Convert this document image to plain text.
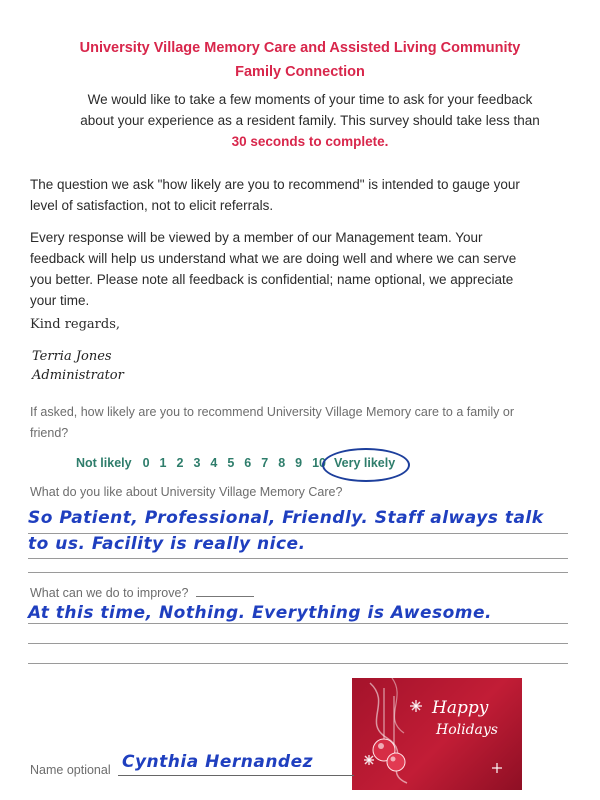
University Village Memory Care and Assisted Living Community
Family Connection
We would like to take a few moments of your time to ask for your feedback
about your experience as a resident family. This survey should take less than
30 seconds to complete.
The question we ask "how likely are you to recommend" is intended to gauge your
level of satisfaction, not to elicit referrals.
Every response will be viewed by a member of our Management team. Your
feedback will help us understand what we are doing well and where we can serve
you better. Please note all feedback is confidential; name optional, we appreciate
your time.
Kind regards,
Terria Jones
Administrator
If asked, how likely are you to recommend University Village Memory care to a family or
friend?
Not likely 0 1 2 3 4 5 6 7 8 9 10 Very likely
What do you like about University Village Memory Care?
So Patient, Professional, Friendly. Staff always talk
to us. Facility is really nice.
What can we do to improve?
At this time, Nothing. Everything is Awesome.
Happy
Holidays
Name optional Cynthia Hernandez
